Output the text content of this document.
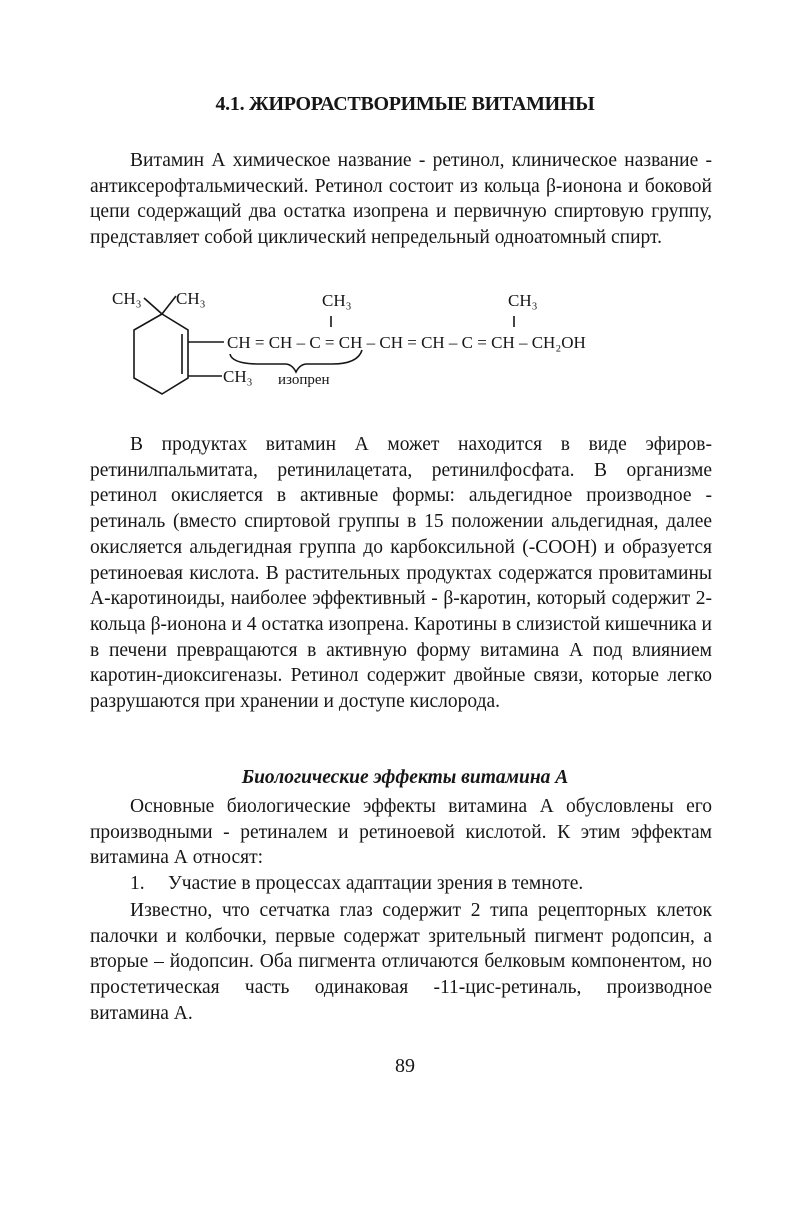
4.1. ЖИРОРАСТВОРИМЫЕ ВИТАМИНЫ

Витамин А химическое название - ретинол, клиническое название - антиксерофтальмический. Ретинол состоит из кольца β-ионона и боковой цепи содержащий два остатка изопрена и первичную спиртовую группу, представляет собой циклический непредельный одноатомный спирт.

CH₃ CH₃
CH₃
CH₃	CH₃
CH = CH – C = CH – CH = CH – C = CH – CH₂OH
изопрен

В продуктах витамин А может находится в виде эфиров-ретинилпальмитата, ретинилацетата, ретинилфосфата. В организме ретинол окисляется в активные формы: альдегидное производное - ретиналь (вместо спиртовой группы в 15 положении альдегидная, далее окисляется альдегидная группа до карбоксильной (-СООН) и образуется ретиноевая кислота. В растительных продуктах содержатся провитамины А-каротиноиды, наиболее эффективный - β-каротин, который содержит 2-кольца β-ионона и 4 остатка изопрена. Каротины в слизистой кишечника и в печени превращаются в активную форму витамина А под влиянием каротин-диоксигеназы. Ретинол содержит двойные связи, которые легко разрушаются при хранении и доступе кислорода.

Биологические эффекты витамина А

Основные биологические эффекты витамина А обусловлены его производными - ретиналем и ретиноевой кислотой. К этим эффектам витамина А относят:

1. Участие в процессах адаптации зрения в темноте.

Известно, что сетчатка глаз содержит 2 типа рецепторных клеток палочки и колбочки, первые содержат зрительный пигмент родопсин, а вторые – йодопсин. Оба пигмента отличаются белковым компонентом, но простетическая часть одинаковая -11-цис-ретиналь, производное витамина А.

89
